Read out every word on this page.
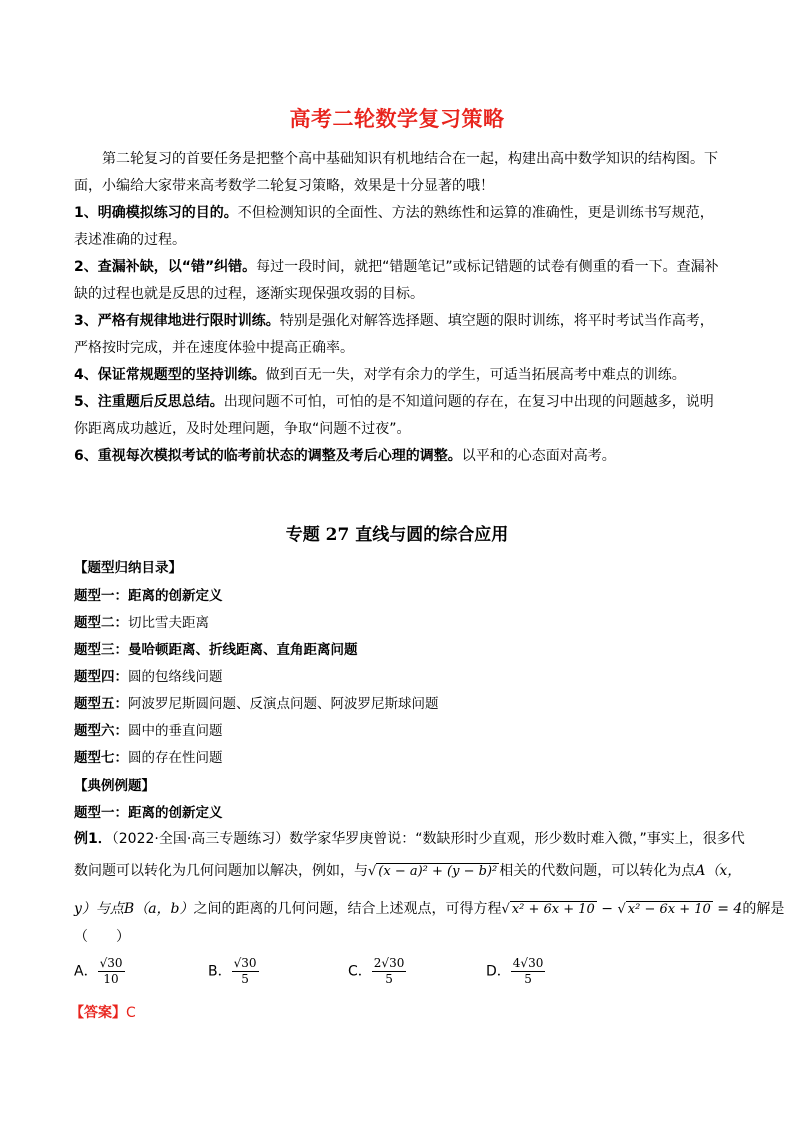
高考二轮数学复习策略
第二轮复习的首要任务是把整个高中基础知识有机地结合在一起，构建出高中数学知识的结构图。下面，小编给大家带来高考数学二轮复习策略，效果是十分显著的哦！
1、明确模拟练习的目的。不但检测知识的全面性、方法的熟练性和运算的准确性，更是训练书写规范，表述准确的过程。
2、查漏补缺，以“错”纠错。每过一段时间，就把“错题笔记”或标记错题的试卷有侧重的看一下。查漏补缺的过程也就是反思的过程，逐渐实现保强攻弱的目标。
3、严格有规律地进行限时训练。特别是强化对解答选择题、填空题的限时训练，将平时考试当作高考，严格按时完成，并在速度体验中提高正确率。
4、保证常规题型的坚持训练。做到百无一失，对学有余力的学生，可适当拓展高考中难点的训练。
5、注重题后反思总结。出现问题不可怕，可怕的是不知道问题的存在，在复习中出现的问题越多，说明你距离成功越近，及时处理问题，争取“问题不过夜”。
6、重视每次模拟考试的临考前状态的调整及考后心理的调整。以平和的心态面对高考。
专题 27 直线与圆的综合应用
【题型归纳目录】
题型一：距离的创新定义
题型二：切比雪夫距离
题型三：曼哈顿距离、折线距离、直角距离问题
题型四：圆的包络线问题
题型五：阿波罗尼斯圆问题、反演点问题、阿波罗尼斯球问题
题型六：圆中的垂直问题
题型七：圆的存在性问题
【典例例题】
题型一：距离的创新定义
例1．（2022·全国·高三专题练习）数学家华罗庚曾说：“数缺形时少直观，形少数时难入微，”事实上，很多代
数问题可以转化为几何问题加以解决，例如，与√ (x − a)² + (y − b)² 相关的代数问题，可以转化为点A（x，
y）与点B（a，b）之间的距离的几何问题，结合上述观点，可得方程√ x² + 6x + 10 − √ x² − 6x + 10 = 4的解是
（　　）
A． $\frac{√30}{10}$	B． $\frac{√30}{5}$	C． $\frac{2√30}{5}$	D． $\frac{4√30}{5}$
【答案】C
